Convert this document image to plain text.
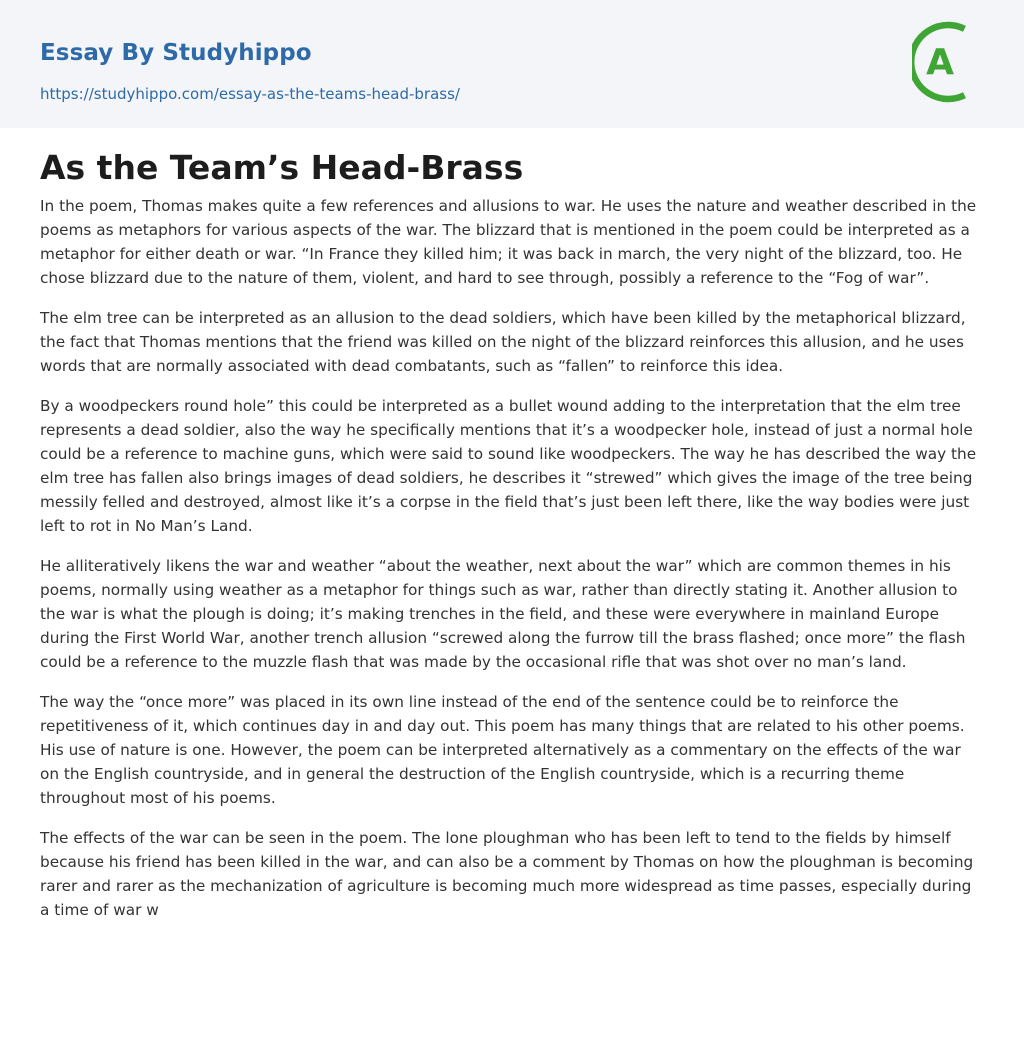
Essay By Studyhippo
https://studyhippo.com/essay-as-the-teams-head-brass/
A
As the Team’s Head-Brass

In the poem, Thomas makes quite a few references and allusions to war. He uses the nature and weather described in the poems as metaphors for various aspects of the war. The blizzard that is mentioned in the poem could be interpreted as a metaphor for either death or war. “In France they killed him; it was back in march, the very night of the blizzard, too. He chose blizzard due to the nature of them, violent, and hard to see through, possibly a reference to the “Fog of war”.

The elm tree can be interpreted as an allusion to the dead soldiers, which have been killed by the metaphorical blizzard, the fact that Thomas mentions that the friend was killed on the night of the blizzard reinforces this allusion, and he uses words that are normally associated with dead combatants, such as “fallen” to reinforce this idea.

By a woodpeckers round hole” this could be interpreted as a bullet wound adding to the interpretation that the elm tree represents a dead soldier, also the way he specifically mentions that it’s a woodpecker hole, instead of just a normal hole could be a reference to machine guns, which were said to sound like woodpeckers. The way he has described the way the elm tree has fallen also brings images of dead soldiers, he describes it “strewed” which gives the image of the tree being messily felled and destroyed, almost like it’s a corpse in the field that’s just been left there, like the way bodies were just left to rot in No Man’s Land.

He alliteratively likens the war and weather “about the weather, next about the war” which are common themes in his poems, normally using weather as a metaphor for things such as war, rather than directly stating it. Another allusion to the war is what the plough is doing; it’s making trenches in the field, and these were everywhere in mainland Europe during the First World War, another trench allusion “screwed along the furrow till the brass flashed; once more” the flash could be a reference to the muzzle flash that was made by the occasional rifle that was shot over no man’s land.

The way the “once more” was placed in its own line instead of the end of the sentence could be to reinforce the repetitiveness of it, which continues day in and day out. This poem has many things that are related to his other poems. His use of nature is one. However, the poem can be interpreted alternatively as a commentary on the effects of the war on the English countryside, and in general the destruction of the English countryside, which is a recurring theme throughout most of his poems.

The effects of the war can be seen in the poem. The lone ploughman who has been left to tend to the fields by himself because his friend has been killed in the war, and can also be a comment by Thomas on how the ploughman is becoming rarer and rarer as the mechanization of agriculture is becoming much more widespread as time passes, especially during a time of war w
